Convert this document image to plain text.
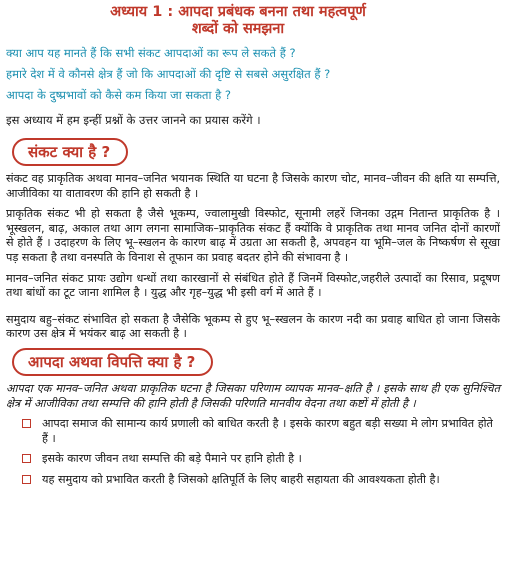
अध्याय 1 : आपदा प्रबंधक बनना तथा महत्वपूर्ण
शब्दों को समझना

क्या आप यह मानते हैं कि सभी संकट आपदाओं का रूप ले सकते हैं ?

हमारे देश में वे कौनसे क्षेत्र हैं जो कि आपदाओं की दृष्टि से सबसे असुरक्षित हैं ?

आपदा के दुष्प्रभावों को कैसे कम किया जा सकता है ?

इस अध्याय में हम इन्हीं प्रश्नों के उत्तर जानने का प्रयास करेंगे ।

संकट क्या है ?

संकट वह प्राकृतिक अथवा मानव–जनित भयानक स्थिति या घटना है जिसके कारण चोट, मानव–जीवन की क्षति या सम्पत्ति, आजीविका या वातावरण की हानि हो सकती है ।

प्राकृतिक संकट भी हो सकता है जैसे भूकम्प, ज्वालामुखी विस्फोट, सूनामी लहरें जिनका उद्गम नितान्त प्राकृतिक है । भूस्खलन, बाढ़, अकाल तथा आग लगना सामाजिक–प्राकृतिक संकट हैं क्योंकि वे प्राकृतिक तथा मानव जनित दोनों कारणों से होते हैं । उदाहरण के लिए भू–स्खलन के कारण बाढ़ में उग्रता आ सकती है, अपवहन या भूमि–जल के निष्कर्षण से सूखा पड़ सकता है तथा वनस्पति के विनाश से तूफान का प्रवाह बदतर होने की संभावना है ।

मानव–जनित संकट प्रायः उद्योग धन्धों तथा कारखानों से संबंधित होते हैं जिनमें विस्फोट,जहरीले उत्पादों का रिसाव, प्रदूषण तथा बांधों का टूट जाना शामिल है । युद्ध और गृह–युद्ध भी इसी वर्ग में आते हैं ।

समुदाय बहु–संकट संभावित हो सकता है जैसेकि भूकम्प से हुए भू–स्खलन के कारण नदी का प्रवाह बाधित हो जाना जिसके कारण उस क्षेत्र में भयंकर बाढ़ आ सकती है ।

आपदा अथवा विपत्ति क्या है ?

आपदा एक मानव–जनित अथवा प्राकृतिक घटना है जिसका परिणाम व्यापक मानव–क्षति है । इसके साथ ही एक सुनिश्चित क्षेत्र में आजीविका तथा सम्पत्ति की हानि होती है जिसकी परिणति मानवीय वेदना तथा कष्टों में होती है ।

आपदा समाज की सामान्य कार्य प्रणाली को बाधित करती है । इसके कारण बहुत बड़ी सख्या मे लोग प्रभावित होते हैं ।
इसके कारण जीवन तथा सम्पत्ति की बड़े पैमाने पर हानि होती है ।
यह समुदाय को प्रभावित करती है जिसको क्षतिपूर्ति के लिए बाहरी सहायता की आवश्यकता होती है।
